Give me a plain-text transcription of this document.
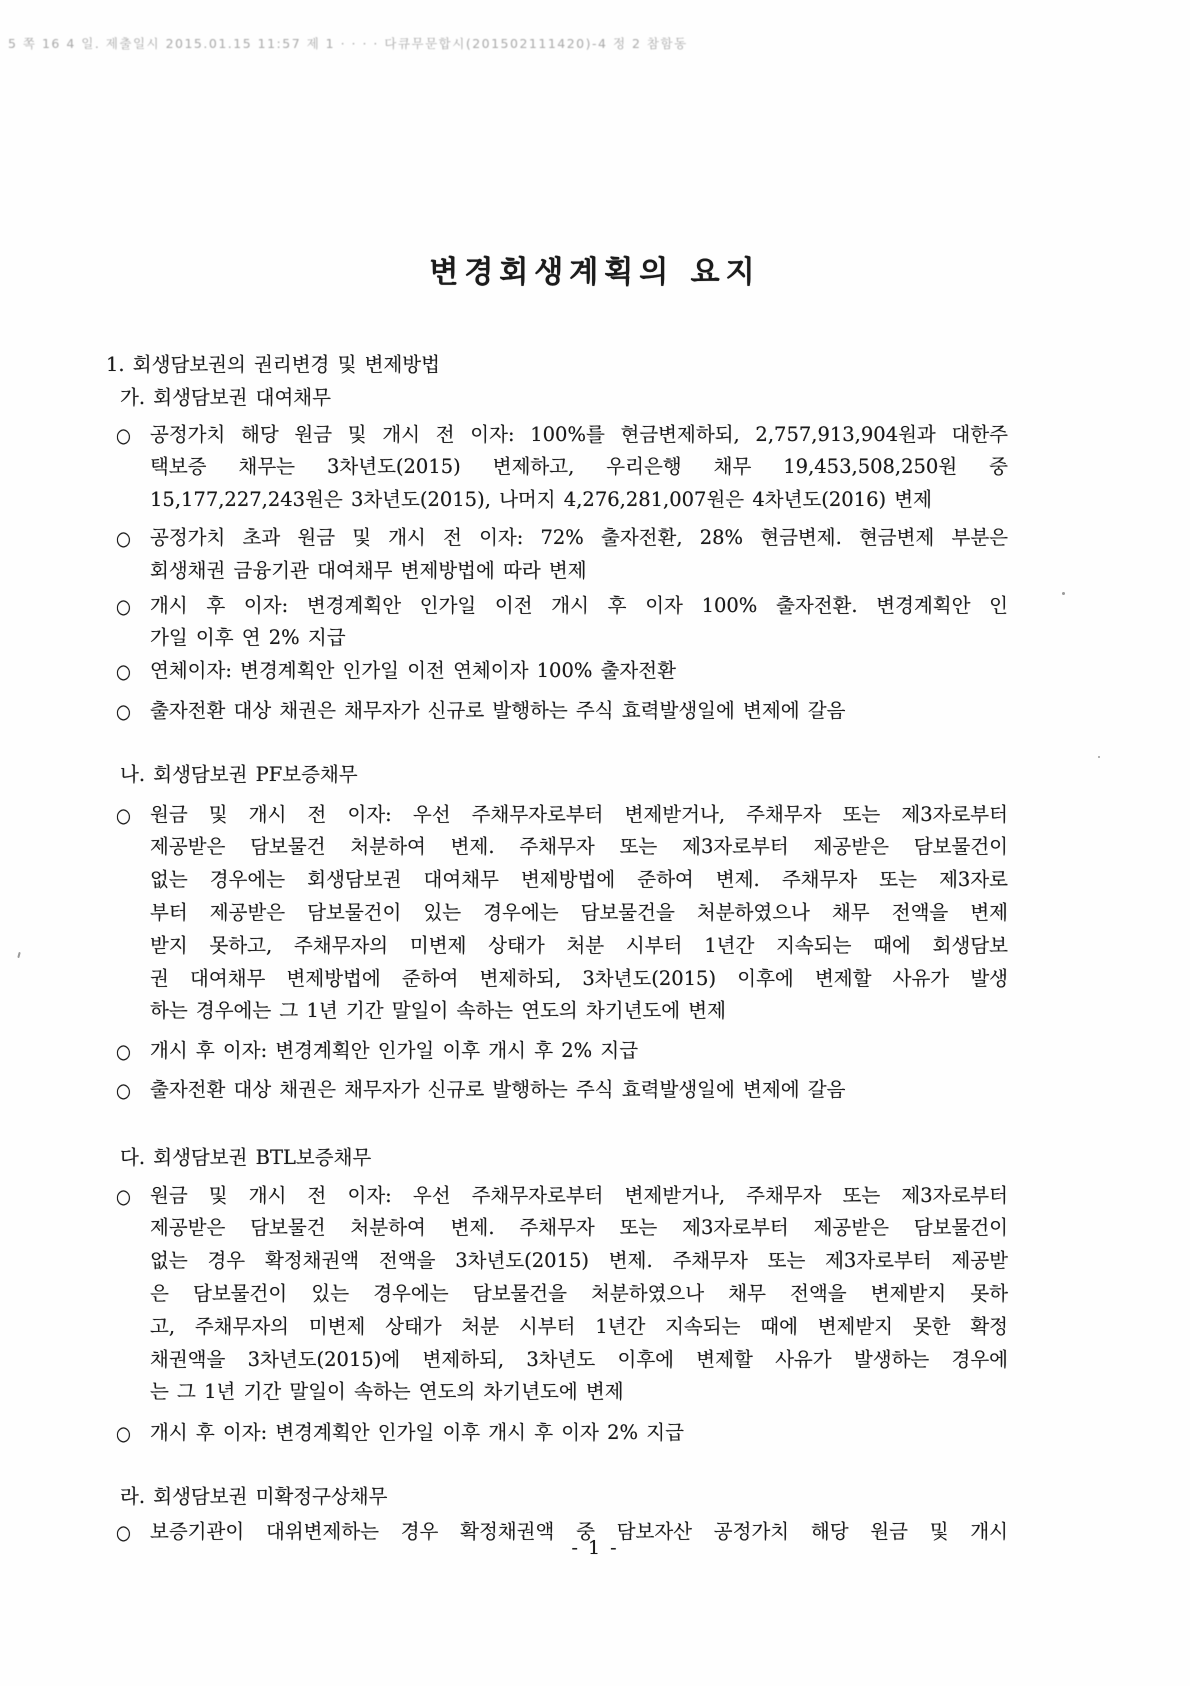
5 쪽 16 4 일. 제출일시 2015.01.15 11:57 제 1 · · · · 다큐무문합시(201502111420)-4 정 2 참함동
변경회생계획의 요지
1. 회생담보권의 권리변경 및 변제방법
가. 회생담보권 대여채무
○ 공정가치 해당 원금 및 개시 전 이자: 100%를 현금변제하되, 2,757,913,904원과 대한주
택보증 채무는 3차년도(2015) 변제하고, 우리은행 채무 19,453,508,250원 중
15,177,227,243원은 3차년도(2015), 나머지 4,276,281,007원은 4차년도(2016) 변제
○ 공정가치 초과 원금 및 개시 전 이자: 72% 출자전환, 28% 현금변제. 현금변제 부분은
회생채권 금융기관 대여채무 변제방법에 따라 변제
○ 개시 후 이자: 변경계획안 인가일 이전 개시 후 이자 100% 출자전환. 변경계획안 인
가일 이후 연 2% 지급
○ 연체이자: 변경계획안 인가일 이전 연체이자 100% 출자전환
○ 출자전환 대상 채권은 채무자가 신규로 발행하는 주식 효력발생일에 변제에 갈음
나. 회생담보권 PF보증채무
○ 원금 및 개시 전 이자: 우선 주채무자로부터 변제받거나, 주채무자 또는 제3자로부터
제공받은 담보물건 처분하여 변제. 주채무자 또는 제3자로부터 제공받은 담보물건이
없는 경우에는 회생담보권 대여채무 변제방법에 준하여 변제. 주채무자 또는 제3자로
부터 제공받은 담보물건이 있는 경우에는 담보물건을 처분하였으나 채무 전액을 변제
받지 못하고, 주채무자의 미변제 상태가 처분 시부터 1년간 지속되는 때에 회생담보
권 대여채무 변제방법에 준하여 변제하되, 3차년도(2015) 이후에 변제할 사유가 발생
하는 경우에는 그 1년 기간 말일이 속하는 연도의 차기년도에 변제
○ 개시 후 이자: 변경계획안 인가일 이후 개시 후 2% 지급
○ 출자전환 대상 채권은 채무자가 신규로 발행하는 주식 효력발생일에 변제에 갈음
다. 회생담보권 BTL보증채무
○ 원금 및 개시 전 이자: 우선 주채무자로부터 변제받거나, 주채무자 또는 제3자로부터
제공받은 담보물건 처분하여 변제. 주채무자 또는 제3자로부터 제공받은 담보물건이
없는 경우 확정채권액 전액을 3차년도(2015) 변제. 주채무자 또는 제3자로부터 제공받
은 담보물건이 있는 경우에는 담보물건을 처분하였으나 채무 전액을 변제받지 못하
고, 주채무자의 미변제 상태가 처분 시부터 1년간 지속되는 때에 변제받지 못한 확정
채권액을 3차년도(2015)에 변제하되, 3차년도 이후에 변제할 사유가 발생하는 경우에
는 그 1년 기간 말일이 속하는 연도의 차기년도에 변제
○ 개시 후 이자: 변경계획안 인가일 이후 개시 후 이자 2% 지급
라. 회생담보권 미확정구상채무
○ 보증기관이 대위변제하는 경우 확정채권액 중 담보자산 공정가치 해당 원금 및 개시
- 1 -
